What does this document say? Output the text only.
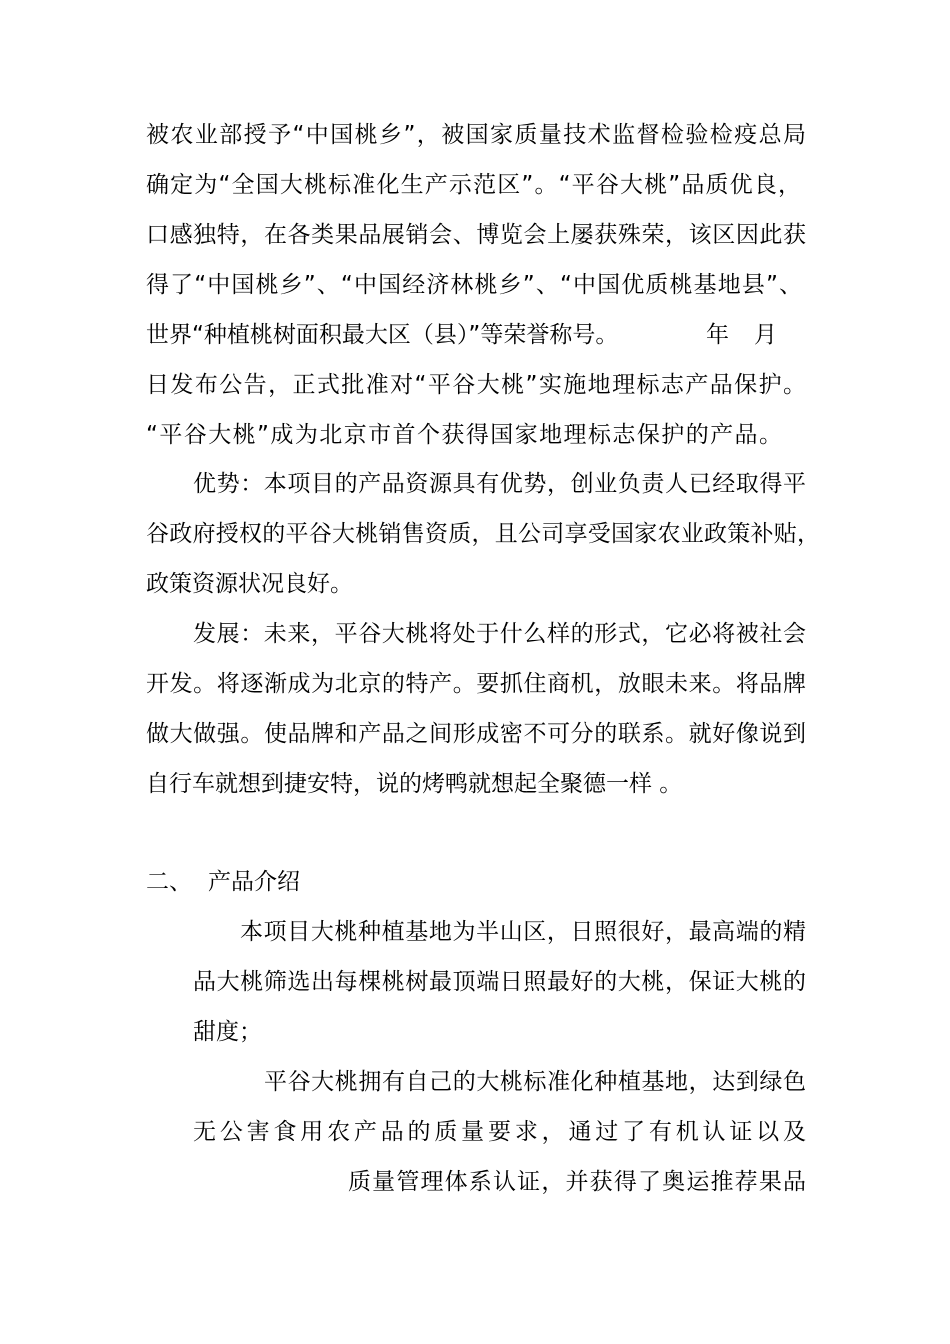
被农业部授予“中国桃乡”，被国家质量技术监督检验检疫总局
确定为“全国大桃标准化生产示范区”。“平谷大桃”品质优良，
口感独特，在各类果品展销会、博览会上屡获殊荣，该区因此获
得了“中国桃乡”、“中国经济林桃乡”、“中国优质桃基地县”、
世界“种植桃树面积最大区（县）”等荣誉称号。	年 月
日发布公告，正式批准对“平谷大桃”实施地理标志产品保护。
“平谷大桃”成为北京市首个获得国家地理标志保护的产品。
优势：本项目的产品资源具有优势，创业负责人已经取得平
谷政府授权的平谷大桃销售资质，且公司享受国家农业政策补贴，
政策资源状况良好。
发展：未来，平谷大桃将处于什么样的形式，它必将被社会
开发。将逐渐成为北京的特产。要抓住商机，放眼未来。将品牌
做大做强。使品牌和产品之间形成密不可分的联系。就好像说到
自行车就想到捷安特，说的烤鸭就想起全聚德一样 。
二、 产品介绍
本项目大桃种植基地为半山区，日照很好，最高端的精
品大桃筛选出每棵桃树最顶端日照最好的大桃，保证大桃的
甜度；
平谷大桃拥有自己的大桃标准化种植基地，达到绿色
无公害食用农产品的质量要求，通过了有机认证以及
质量管理体系认证，并获得了奥运推荐果品
